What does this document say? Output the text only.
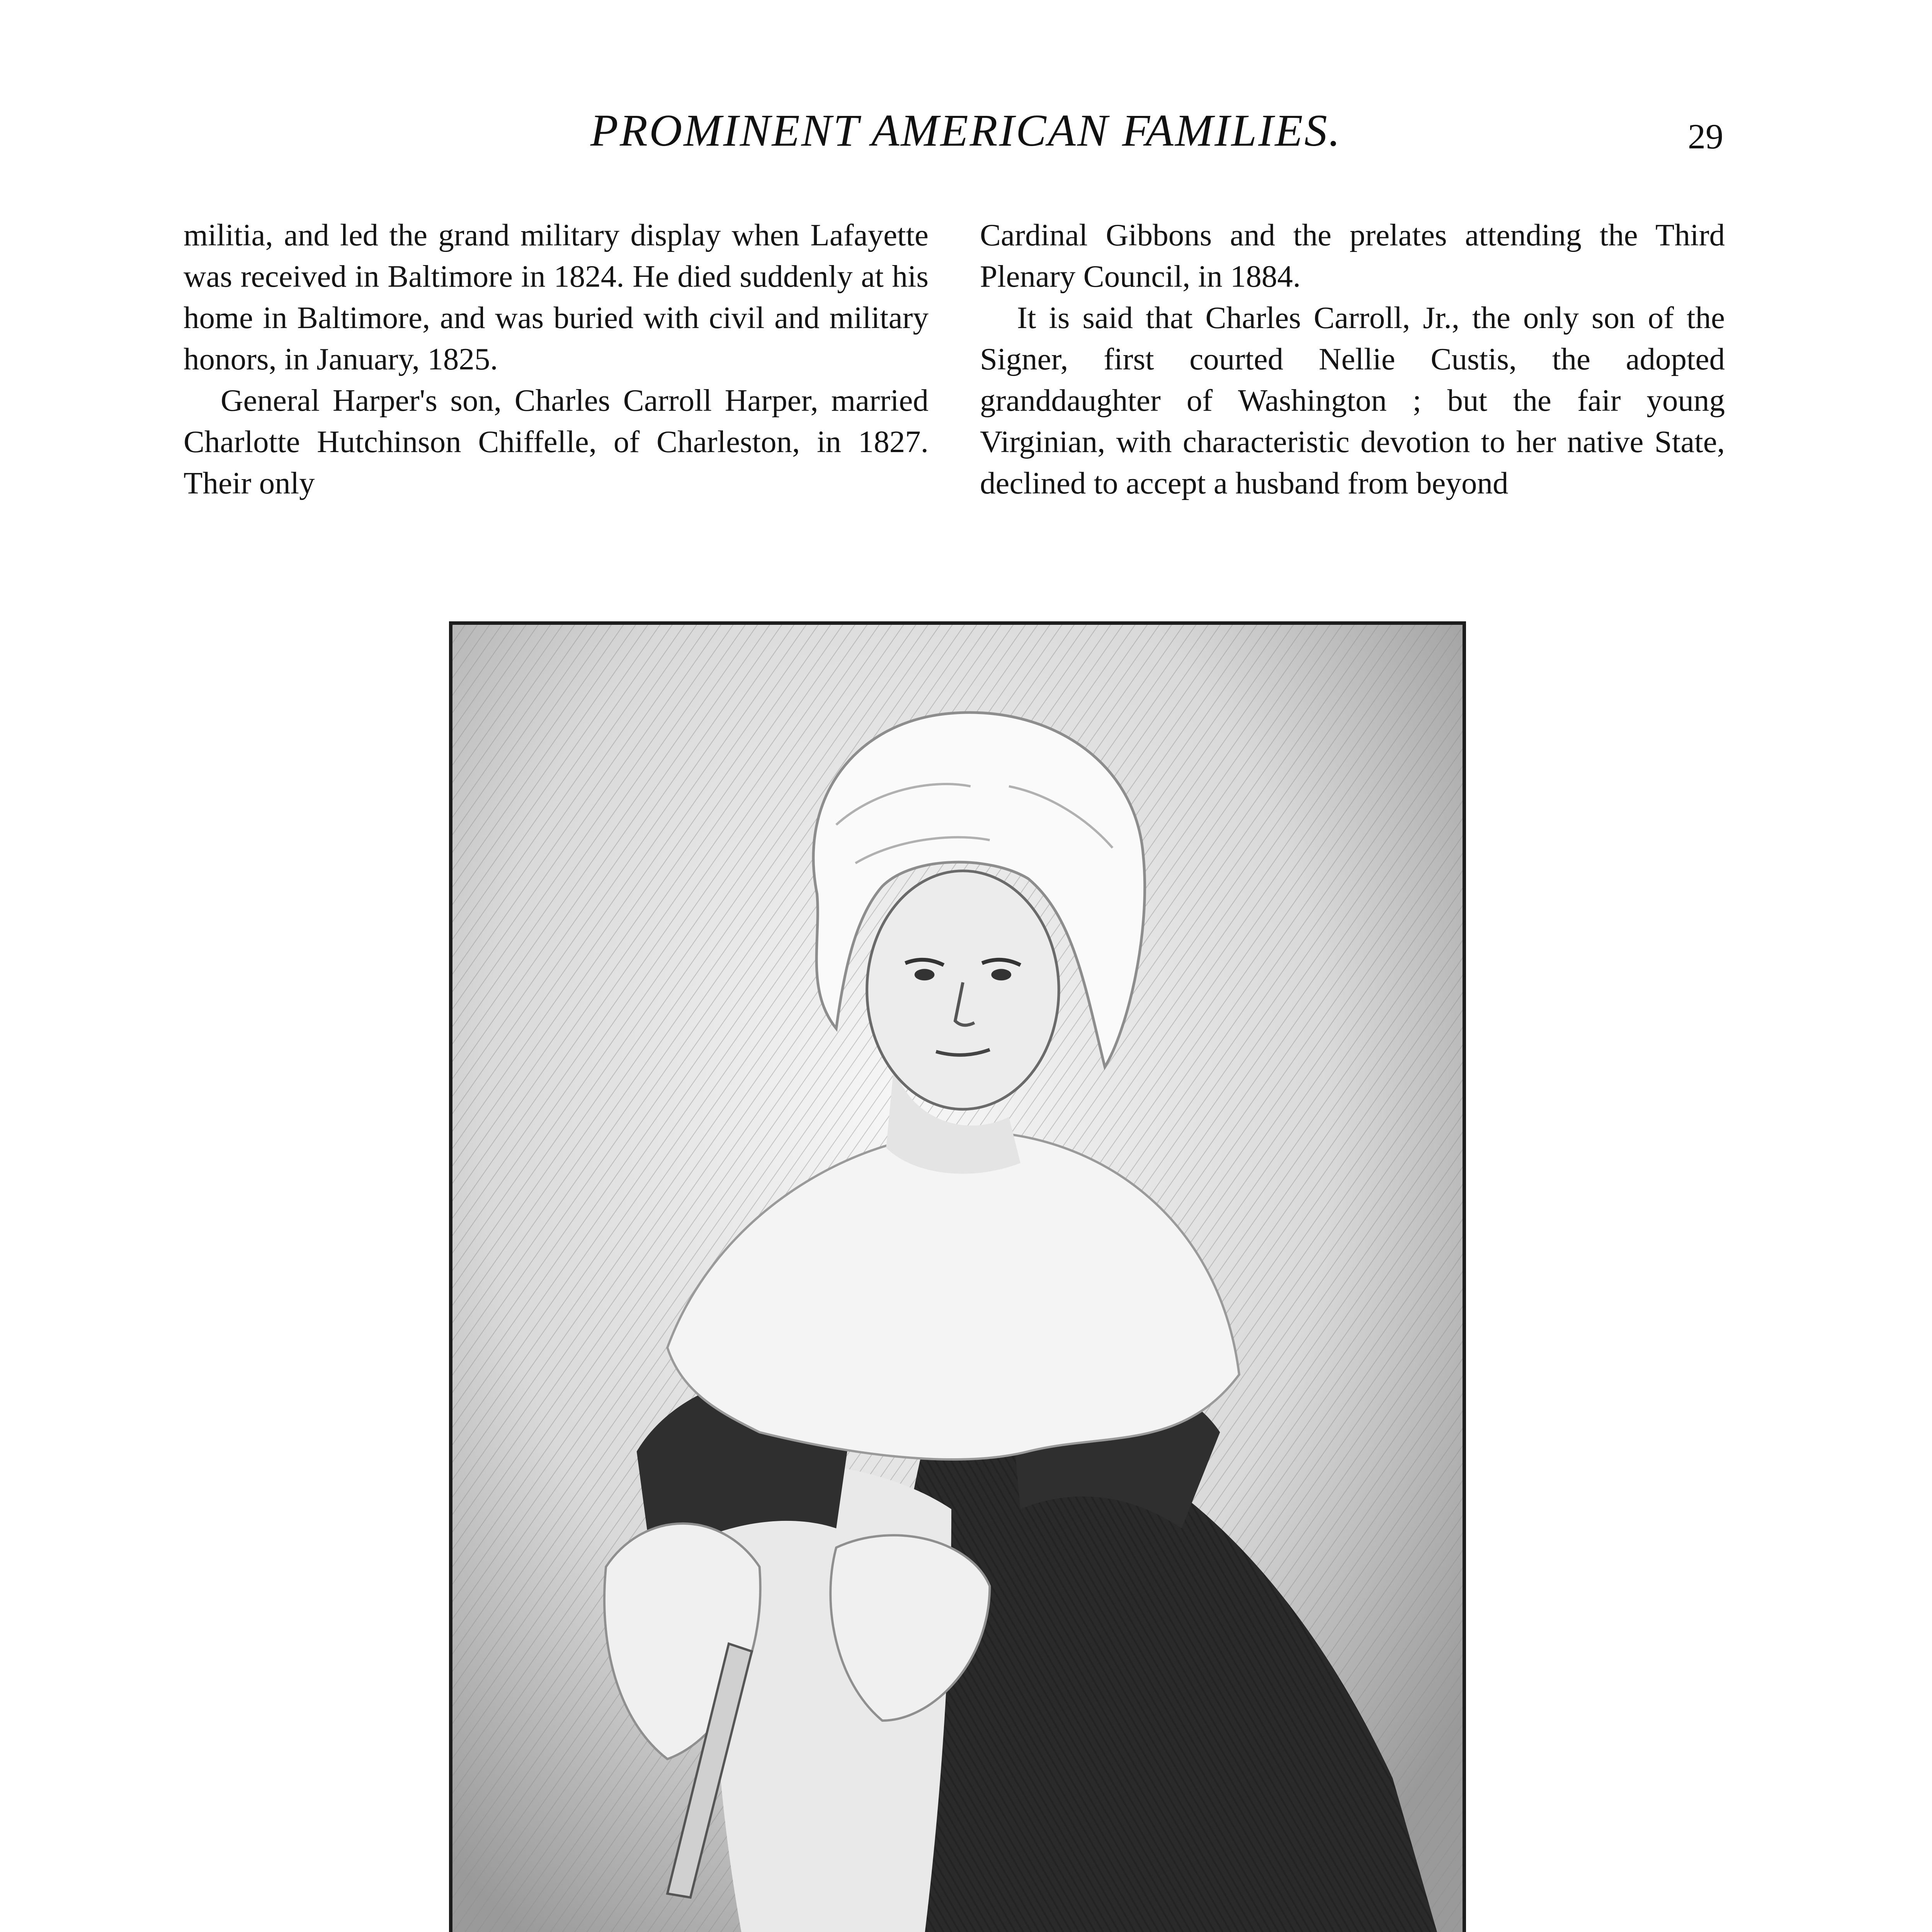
PROMINENT AMERICAN FAMILIES.	29

militia, and led the grand military display when Lafayette was received in Baltimore in 1824. He died suddenly at his home in Baltimore, and was buried with civil and military honors, in January, 1825.

General Harper's son, Charles Carroll Harper, married Charlotte Hutchinson Chiffelle, of Charleston, in 1827. Their only

Cardinal Gibbons and the prelates attending the Third Plenary Council, in 1884.

It is said that Charles Carroll, Jr., the only son of the Signer, first courted Nellie Custis, the adopted granddaughter of Washington ; but the fair young Virginian, with characteristic devotion to her native State, declined to accept a husband from beyond
